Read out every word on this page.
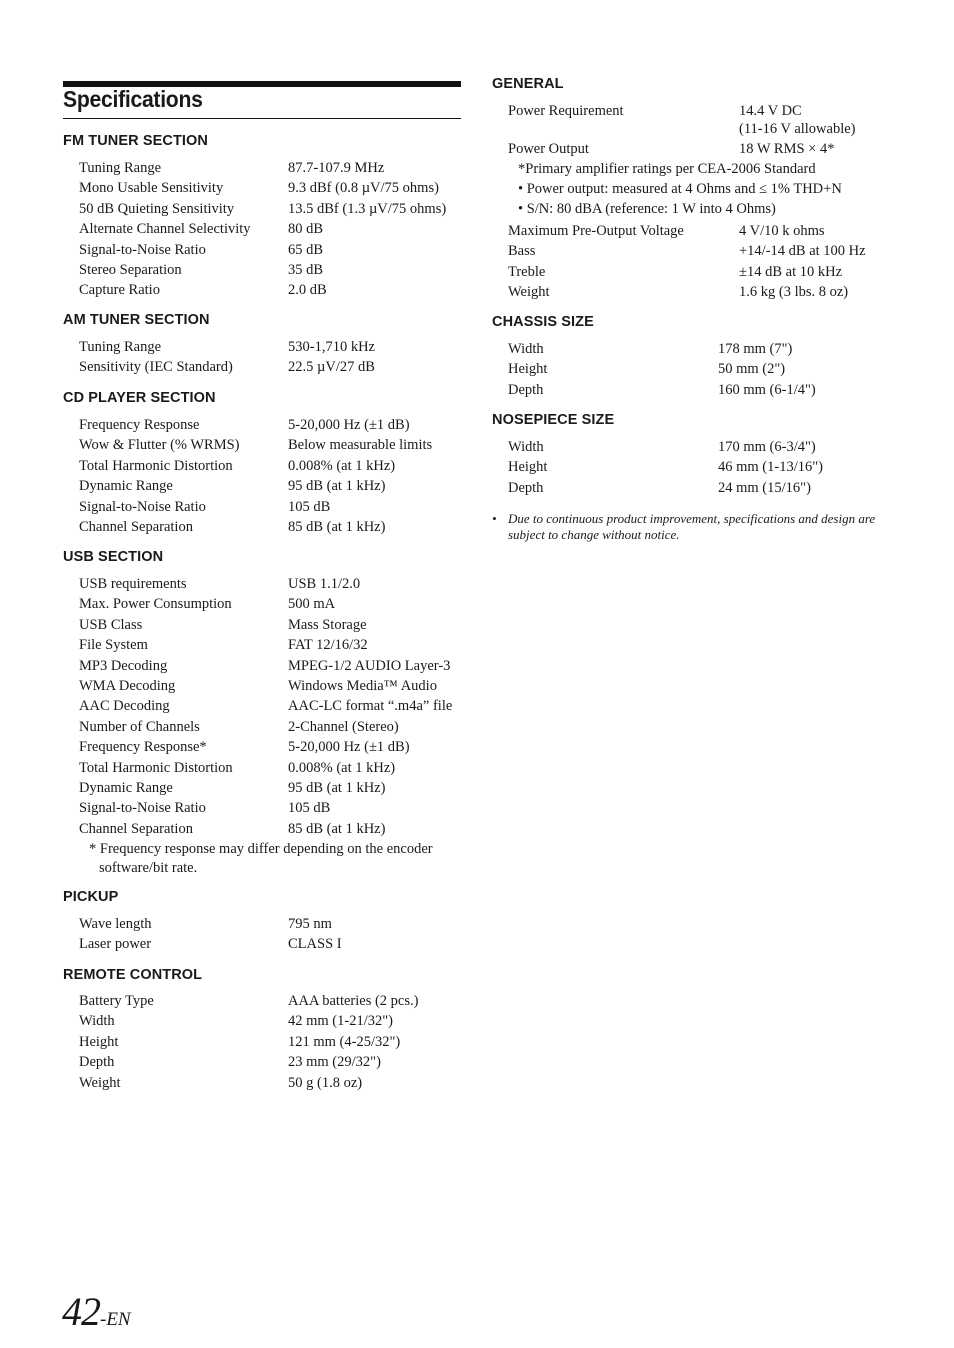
Specifications
• Due to continuous product improvement, specifications and design are subject to change without notice.
42-EN
FM TUNER SECTION
Tuning Range	87.7-107.9 MHz
Mono Usable Sensitivity	9.3 dBf (0.8 µV/75 ohms)
50 dB Quieting Sensitivity	13.5 dBf (1.3 µV/75 ohms)
Alternate Channel Selectivity	80 dB
Signal-to-Noise Ratio	65 dB
Stereo Separation	35 dB
Capture Ratio	2.0 dB
AM TUNER SECTION
Tuning Range	530-1,710 kHz
Sensitivity (IEC Standard)	22.5 µV/27 dB
CD PLAYER SECTION
Frequency Response	5-20,000 Hz (±1 dB)
Wow & Flutter (% WRMS)	Below measurable limits
Total Harmonic Distortion	0.008% (at 1 kHz)
Dynamic Range	95 dB (at 1 kHz)
Signal-to-Noise Ratio	105 dB
Channel Separation	85 dB (at 1 kHz)
USB SECTION
USB requirements	USB 1.1/2.0
Max. Power Consumption	500 mA
USB Class	Mass Storage
File System	FAT 12/16/32
MP3 Decoding	MPEG-1/2 AUDIO Layer-3
WMA Decoding	Windows Media™ Audio
AAC Decoding	AAC-LC format “.m4a” file
Number of Channels	2-Channel (Stereo)
Frequency Response*	5-20,000 Hz (±1 dB)
Total Harmonic Distortion	0.008% (at 1 kHz)
Dynamic Range	95 dB (at 1 kHz)
Signal-to-Noise Ratio	105 dB
Channel Separation	85 dB (at 1 kHz)
* Frequency response may differ depending on the encoder
software/bit rate.
PICKUP
Wave length	795 nm
Laser power	CLASS I
REMOTE CONTROL
Battery Type	AAA batteries (2 pcs.)
Width	42 mm (1-21/32")
Height	121 mm (4-25/32")
Depth	23 mm (29/32")
Weight	50 g (1.8 oz)
GENERAL
Power Requirement	14.4 V DC
(11-16 V allowable)
Power Output	18 W RMS × 4*
*Primary amplifier ratings per CEA-2006 Standard
• Power output: measured at 4 Ohms and ≤ 1% THD+N
• S/N: 80 dBA (reference: 1 W into 4 Ohms)
Maximum Pre-Output Voltage	4 V/10 k ohms
Bass	+14/-14 dB at 100 Hz
Treble	±14 dB at 10 kHz
Weight	1.6 kg (3 lbs. 8 oz)
CHASSIS SIZE
Width	178 mm (7")
Height	50 mm (2")
Depth	160 mm (6-1/4")
NOSEPIECE SIZE
Width	170 mm (6-3/4")
Height	46 mm (1-13/16")
Depth	24 mm (15/16")
